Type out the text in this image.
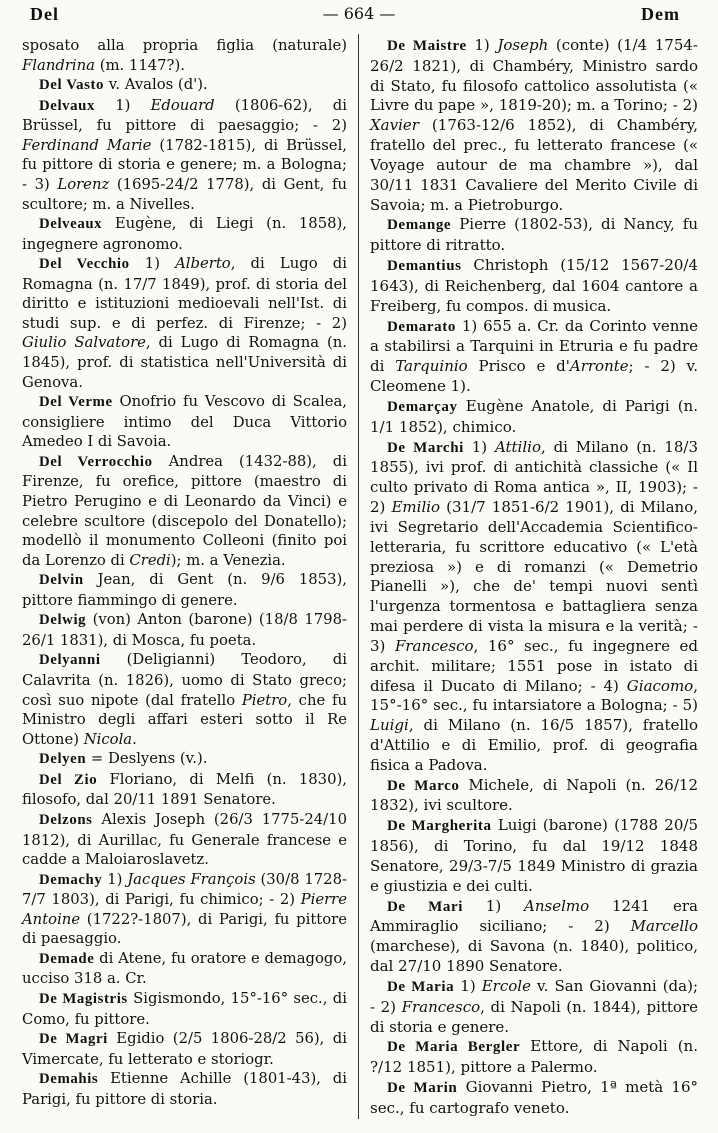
Del	— 664 —	Dem

sposato alla propria figlia (naturale) Flandrina (m. 1147?).

Del Vasto v. Avalos (d').

Delvaux 1) Edouard (1806-62), di Brüssel, fu pittore di paesaggio; - 2) Ferdinand Marie (1782-1815), di Brüssel, fu pittore di storia e genere; m. a Bologna; - 3) Lorenz (1695-24/2 1778), di Gent, fu scultore; m. a Nivelles.

Delveaux Eugène, di Liegi (n. 1858), ingegnere agronomo.

Del Vecchio 1) Alberto, di Lugo di Romagna (n. 17/7 1849), prof. di storia del diritto e istituzioni medioevali nell'Ist. di studi sup. e di perfez. di Firenze; - 2) Giulio Salvatore, di Lugo di Romagna (n. 1845), prof. di statistica nell'Università di Genova.

Del Verme Onofrio fu Vescovo di Scalea, consigliere intimo del Duca Vittorio Amedeo I di Savoia.

Del Verrocchio Andrea (1432-88), di Firenze, fu orefice, pittore (maestro di Pietro Perugino e di Leonardo da Vinci) e celebre scultore (discepolo del Donatello); modellò il monumento Colleoni (finito poi da Lorenzo di Credi); m. a Venezia.

Delvin Jean, di Gent (n. 9/6 1853), pittore fiammingo di genere.

Delwig (von) Anton (barone) (18/8 1798-26/1 1831), di Mosca, fu poeta.

Delyanni (Deligianni) Teodoro, di Calavrita (n. 1826), uomo di Stato greco; così suo nipote (dal fratello Pietro, che fu Ministro degli affari esteri sotto il Re Ottone) Nicola.

Delyen = Deslyens (v.).

Del Zio Floriano, di Melfi (n. 1830), filosofo, dal 20/11 1891 Senatore.

Delzons Alexis Joseph (26/3 1775-24/10 1812), di Aurillac, fu Generale francese e cadde a Maloiaroslavetz.

Demachy 1) Jacques François (30/8 1728-7/7 1803), di Parigi, fu chimico; - 2) Pierre Antoine (1722?-1807), di Parigi, fu pittore di paesaggio.

Demade di Atene, fu oratore e demagogo, ucciso 318 a. Cr.

De Magistris Sigismondo, 15°-16° sec., di Como, fu pittore.

De Magri Egidio (2/5 1806-28/2 56), di Vimercate, fu letterato e storiogr.

Demahis Etienne Achille (1801-43), di Parigi, fu pittore di storia.

De Maistre 1) Joseph (conte) (1/4 1754-26/2 1821), di Chambéry, Ministro sardo di Stato, fu filosofo cattolico assolutista (« Livre du pape », 1819-20); m. a Torino; - 2) Xavier (1763-12/6 1852), di Chambéry, fratello del prec., fu letterato francese (« Voyage autour de ma chambre »), dal 30/11 1831 Cavaliere del Merito Civile di Savoia; m. a Pietroburgo.

Demange Pierre (1802-53), di Nancy, fu pittore di ritratto.

Demantius Christoph (15/12 1567-20/4 1643), di Reichenberg, dal 1604 cantore a Freiberg, fu compos. di musica.

Demarato 1) 655 a. Cr. da Corinto venne a stabilirsi a Tarquini in Etruria e fu padre di Tarquinio Prisco e d'Arronte; - 2) v. Cleomene 1).

Demarçay Eugène Anatole, di Parigi (n. 1/1 1852), chimico.

De Marchi 1) Attilio, di Milano (n. 18/3 1855), ivi prof. di antichità classiche (« Il culto privato di Roma antica », II, 1903); - 2) Emilio (31/7 1851-6/2 1901), di Milano, ivi Segretario dell'Accademia Scientifico-letteraria, fu scrittore educativo (« L'età preziosa ») e di romanzi (« Demetrio Pianelli »), che de' tempi nuovi sentì l'urgenza tormentosa e battagliera senza mai perdere di vista la misura e la verità; - 3) Francesco, 16° sec., fu ingegnere ed archit. militare; 1551 pose in istato di difesa il Ducato di Milano; - 4) Giacomo, 15°-16° sec., fu intarsiatore a Bologna; - 5) Luigi, di Milano (n. 16/5 1857), fratello d'Attilio e di Emilio, prof. di geografia fisica a Padova.

De Marco Michele, di Napoli (n. 26/12 1832), ivi scultore.

De Margherita Luigi (barone) (1788 20/5 1856), di Torino, fu dal 19/12 1848 Senatore, 29/3-7/5 1849 Ministro di grazia e giustizia e dei culti.

De Mari 1) Anselmo 1241 era Ammiraglio siciliano; - 2) Marcello (marchese), di Savona (n. 1840), politico, dal 27/10 1890 Senatore.

De Maria 1) Ercole v. San Giovanni (da); - 2) Francesco, di Napoli (n. 1844), pittore di storia e genere.

De Maria Bergler Ettore, di Napoli (n. ?/12 1851), pittore a Palermo.

De Marin Giovanni Pietro, 1ª metà 16° sec., fu cartografo veneto.
